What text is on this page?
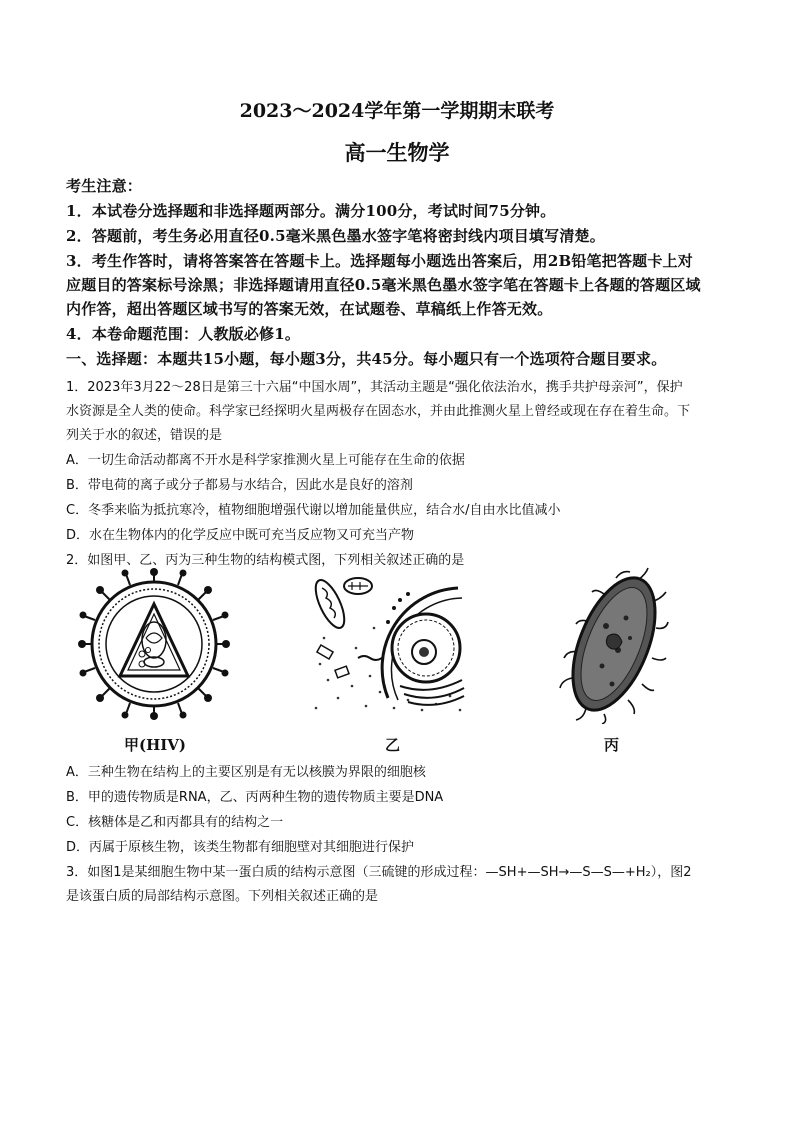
2023～2024学年第一学期期末联考
高一生物学
考生注意：
1．本试卷分选择题和非选择题两部分。满分100分，考试时间75分钟。
2．答题前，考生务必用直径0.5毫米黑色墨水签字笔将密封线内项目填写清楚。
3．考生作答时，请将答案答在答题卡上。选择题每小题选出答案后，用2B铅笔把答题卡上对
应题目的答案标号涂黑；非选择题请用直径0.5毫米黑色墨水签字笔在答题卡上各题的答题区域
内作答，超出答题区域书写的答案无效，在试题卷、草稿纸上作答无效。
4．本卷命题范围：人教版必修1。
一、选择题：本题共15小题，每小题3分，共45分。每小题只有一个选项符合题目要求。
1．2023年3月22～28日是第三十六届“中国水周”，其活动主题是“强化依法治水，携手共护母亲河”，保护
水资源是全人类的使命。科学家已经探明火星两极存在固态水，并由此推测火星上曾经或现在存在着生命。下
列关于水的叙述，错误的是
A．一切生命活动都离不开水是科学家推测火星上可能存在生命的依据
B．带电荷的离子或分子都易与水结合，因此水是良好的溶剂
C．冬季来临为抵抗寒冷，植物细胞增强代谢以增加能量供应，结合水/自由水比值减小
D．水在生物体内的化学反应中既可充当反应物又可充当产物
2．如图甲、乙、丙为三种生物的结构模式图，下列相关叙述正确的是
甲(HIV)	乙	丙
A．三种生物在结构上的主要区别是有无以核膜为界限的细胞核
B．甲的遗传物质是RNA，乙、丙两种生物的遗传物质主要是DNA
C．核糖体是乙和丙都具有的结构之一
D．丙属于原核生物，该类生物都有细胞壁对其细胞进行保护
3．如图1是某细胞生物中某一蛋白质的结构示意图（三硫键的形成过程：—SH+—SH→—S—S—+H₂），图2
是该蛋白质的局部结构示意图。下列相关叙述正确的是
